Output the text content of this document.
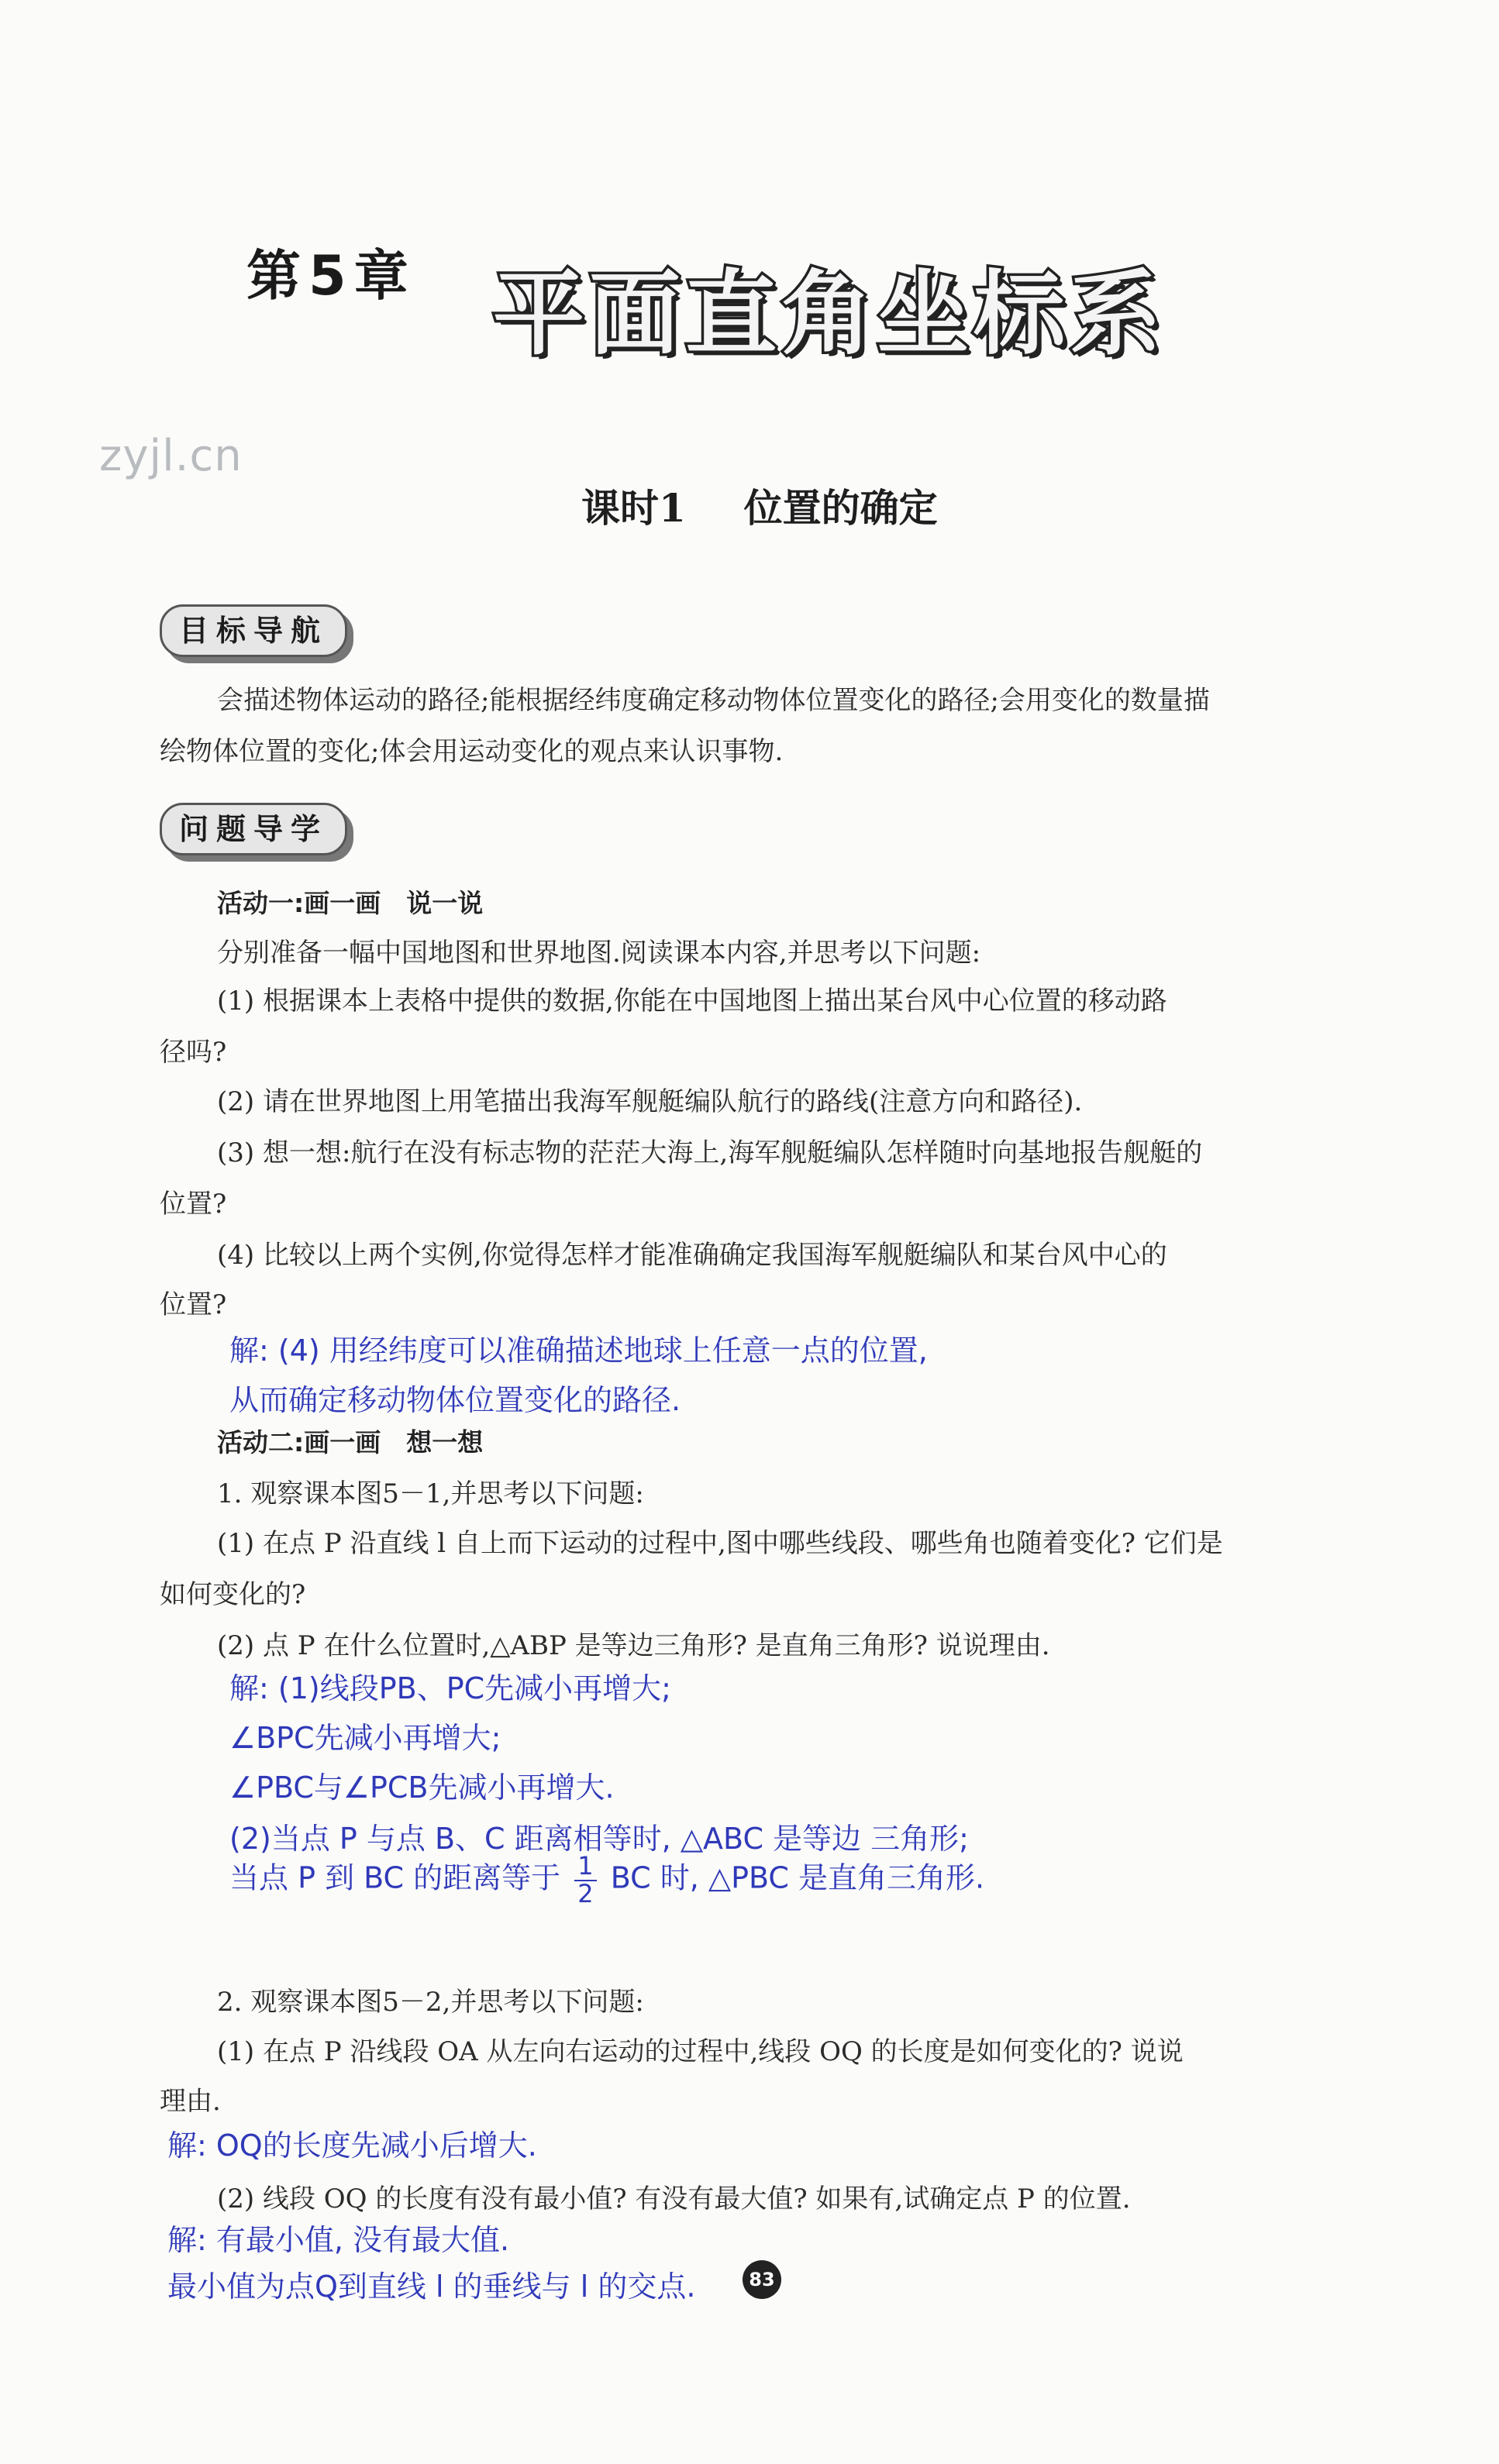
zyjl.cn
第5章 平面直角坐标系
课时1 位置的确定
目标导航
会描述物体运动的路径;能根据经纬度确定移动物体位置变化的路径;会用变化的数量描
绘物体位置的变化;体会用运动变化的观点来认识事物.
问题导学
活动一:画一画　说一说
分别准备一幅中国地图和世界地图.阅读课本内容,并思考以下问题:
(1) 根据课本上表格中提供的数据,你能在中国地图上描出某台风中心位置的移动路
径吗?
(2) 请在世界地图上用笔描出我海军舰艇编队航行的路线(注意方向和路径).
(3) 想一想:航行在没有标志物的茫茫大海上,海军舰艇编队怎样随时向基地报告舰艇的
位置?
(4) 比较以上两个实例,你觉得怎样才能准确确定我国海军舰艇编队和某台风中心的
位置?
解: (4) 用经纬度可以准确描述地球上任意一点的位置,
从而确定移动物体位置变化的路径.
活动二:画一画　想一想
1. 观察课本图5－1,并思考以下问题:
(1) 在点 P 沿直线 l 自上而下运动的过程中,图中哪些线段、哪些角也随着变化? 它们是
如何变化的?
(2) 点 P 在什么位置时,△ABP 是等边三角形? 是直角三角形? 说说理由.
解: (1)线段PB、PC先减小再增大;
∠BPC先减小再增大;
∠PBC与∠PCB先减小再增大.
(2)当点 P 与点 B、C 距离相等时, △ABC 是等边 三角形;
当点 P 到 BC 的距离等于 $\frac{1}{2}$ BC 时, △PBC 是直角三角形.
2. 观察课本图5－2,并思考以下问题:
(1) 在点 P 沿线段 OA 从左向右运动的过程中,线段 OQ 的长度是如何变化的? 说说
理由.
解: OQ的长度先减小后增大.
(2) 线段 OQ 的长度有没有最小值? 有没有最大值? 如果有,试确定点 P 的位置.
解: 有最小值, 没有最大值.
最小值为点Q到直线 l 的垂线与 l 的交点.	83
